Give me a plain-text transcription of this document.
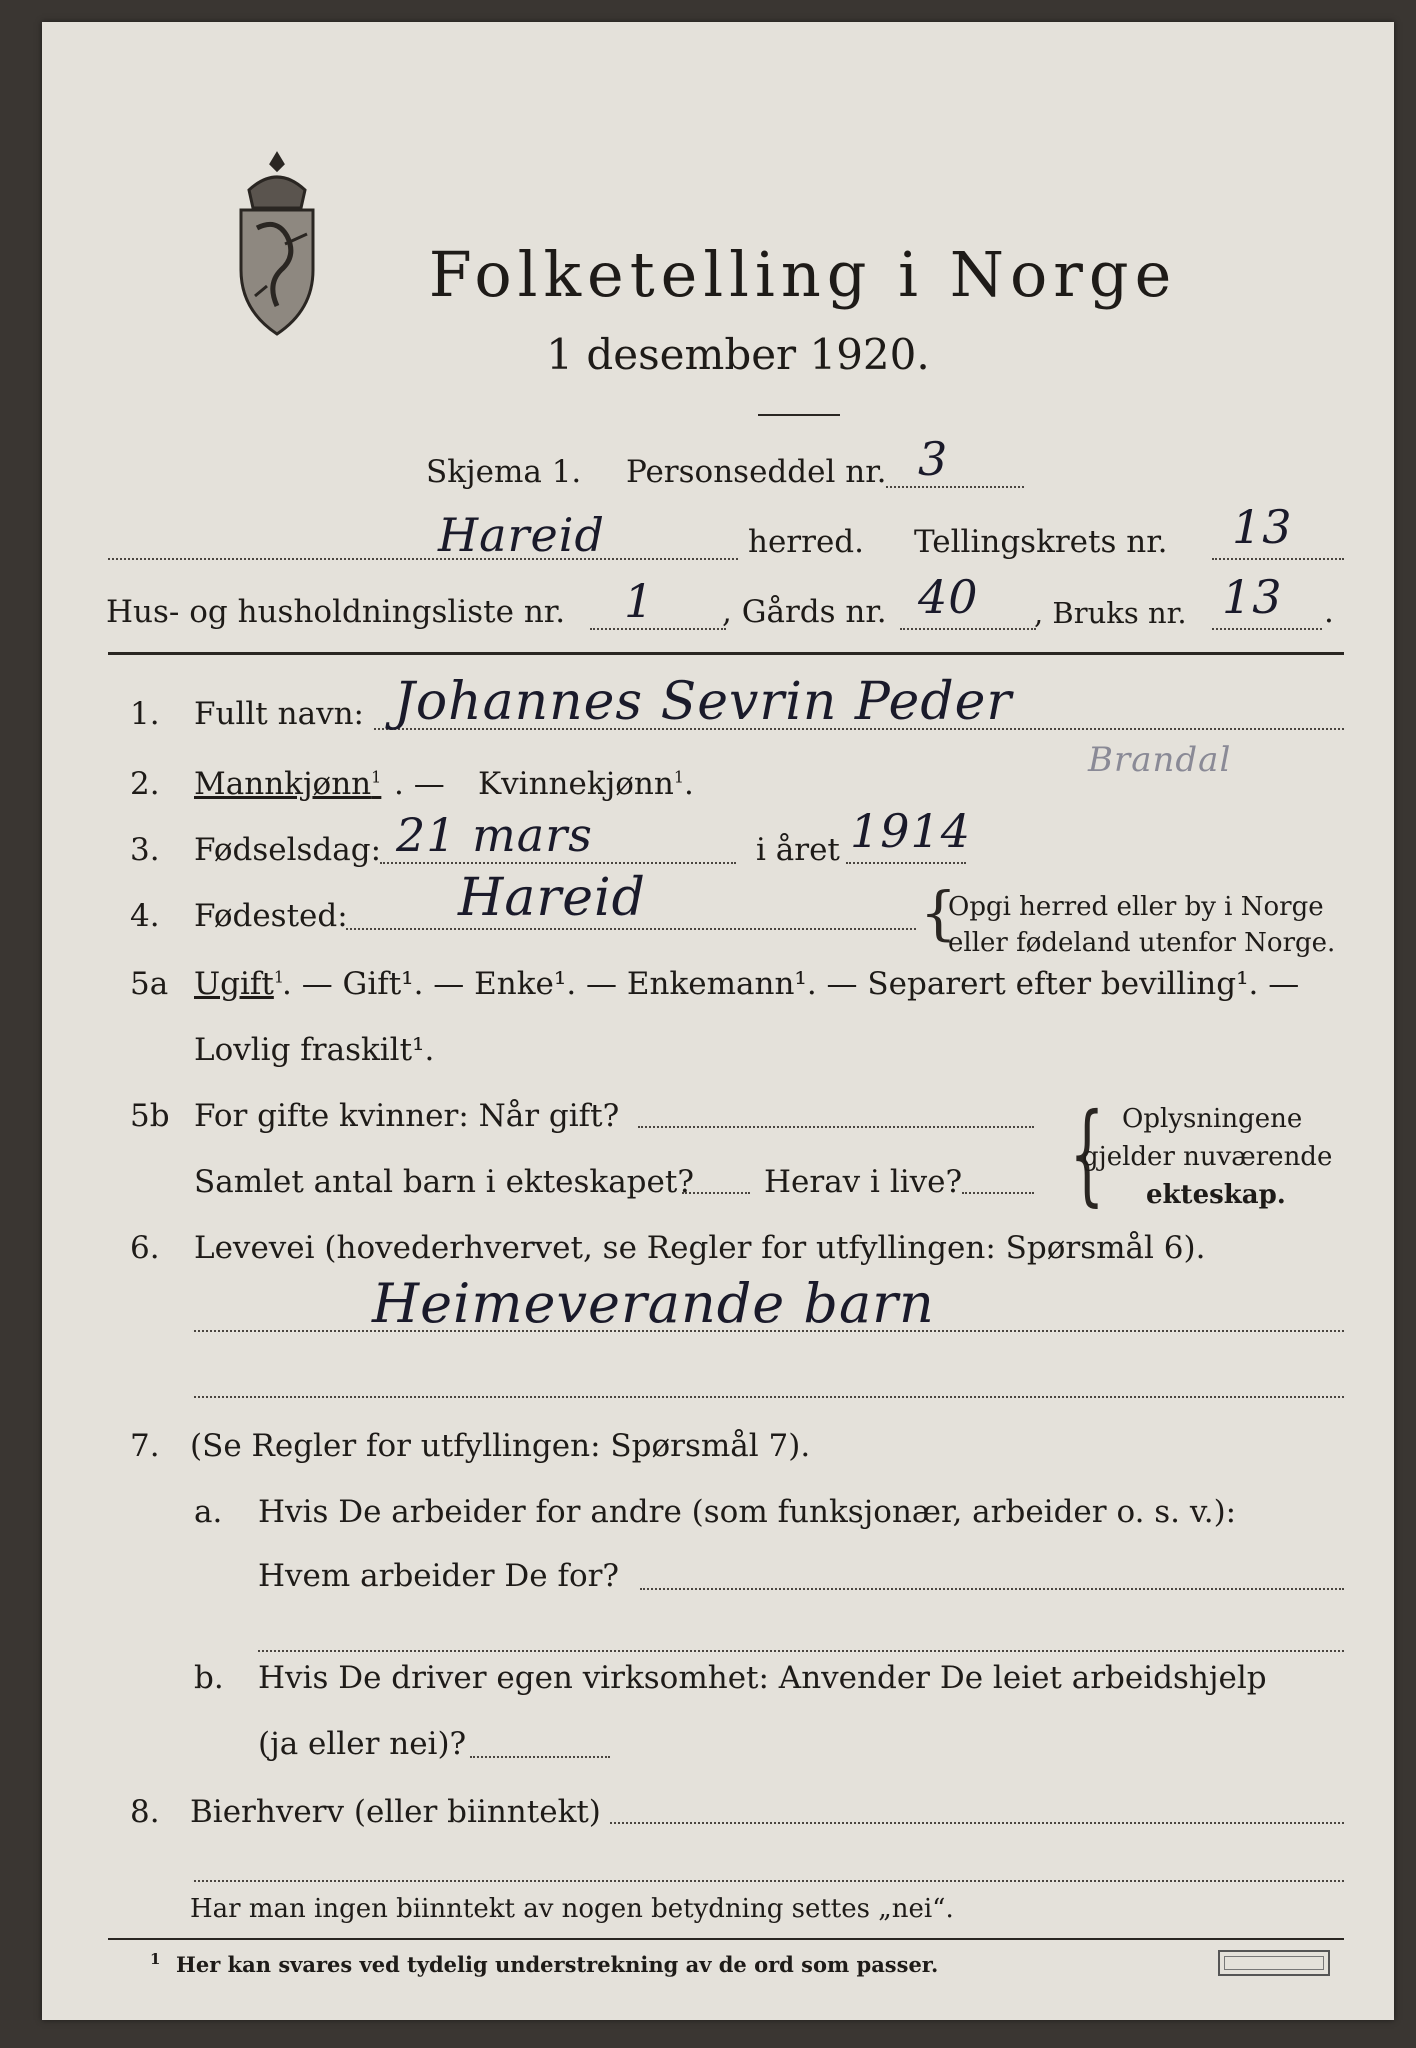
Folketelling i Norge
1 desember 1920.
Skjema 1. Personseddel nr. 3
Hareid	herred. Tellingskrets nr. 13
Hus- og husholdningsliste nr. 1 , Gårds nr. 40 , Bruks nr. 13 .
1. Fullt navn: Johannes Sevrin Peder
Brandal
2. Mannkjønn$^1$ . — Kvinnekjønn$^1$.
3. Fødselsdag: 21 mars	i året 1914
4. Fødested: Hareid	{
Opgi herred eller by i Norge
eller fødeland utenfor Norge.
5a Ugift$^1$
. — Gift¹. — Enke¹. — Enkemann¹. — Separert efter bevilling¹. —
Lovlig fraskilt¹.
5b For gifte kvinner: Når gift?
Samlet antal barn i ekteskapet? Herav i live? { Oplysningene
gjelder nuværende
ekteskap.
6. Levevei (hovederhvervet, se Regler for utfyllingen: Spørsmål 6).
Heimeverande barn
7. (Se Regler for utfyllingen: Spørsmål 7).
a. Hvis De arbeider for andre (som funksjonær, arbeider o. s. v.):
Hvem arbeider De for?
b. Hvis De driver egen virksomhet: Anvender De leiet arbeidshjelp
(ja eller nei)?
8. Bierhverv (eller biinntekt)
Har man ingen biinntekt av nogen betydning settes „nei“.
1 Her kan svares ved tydelig understrekning av de ord som passer.
